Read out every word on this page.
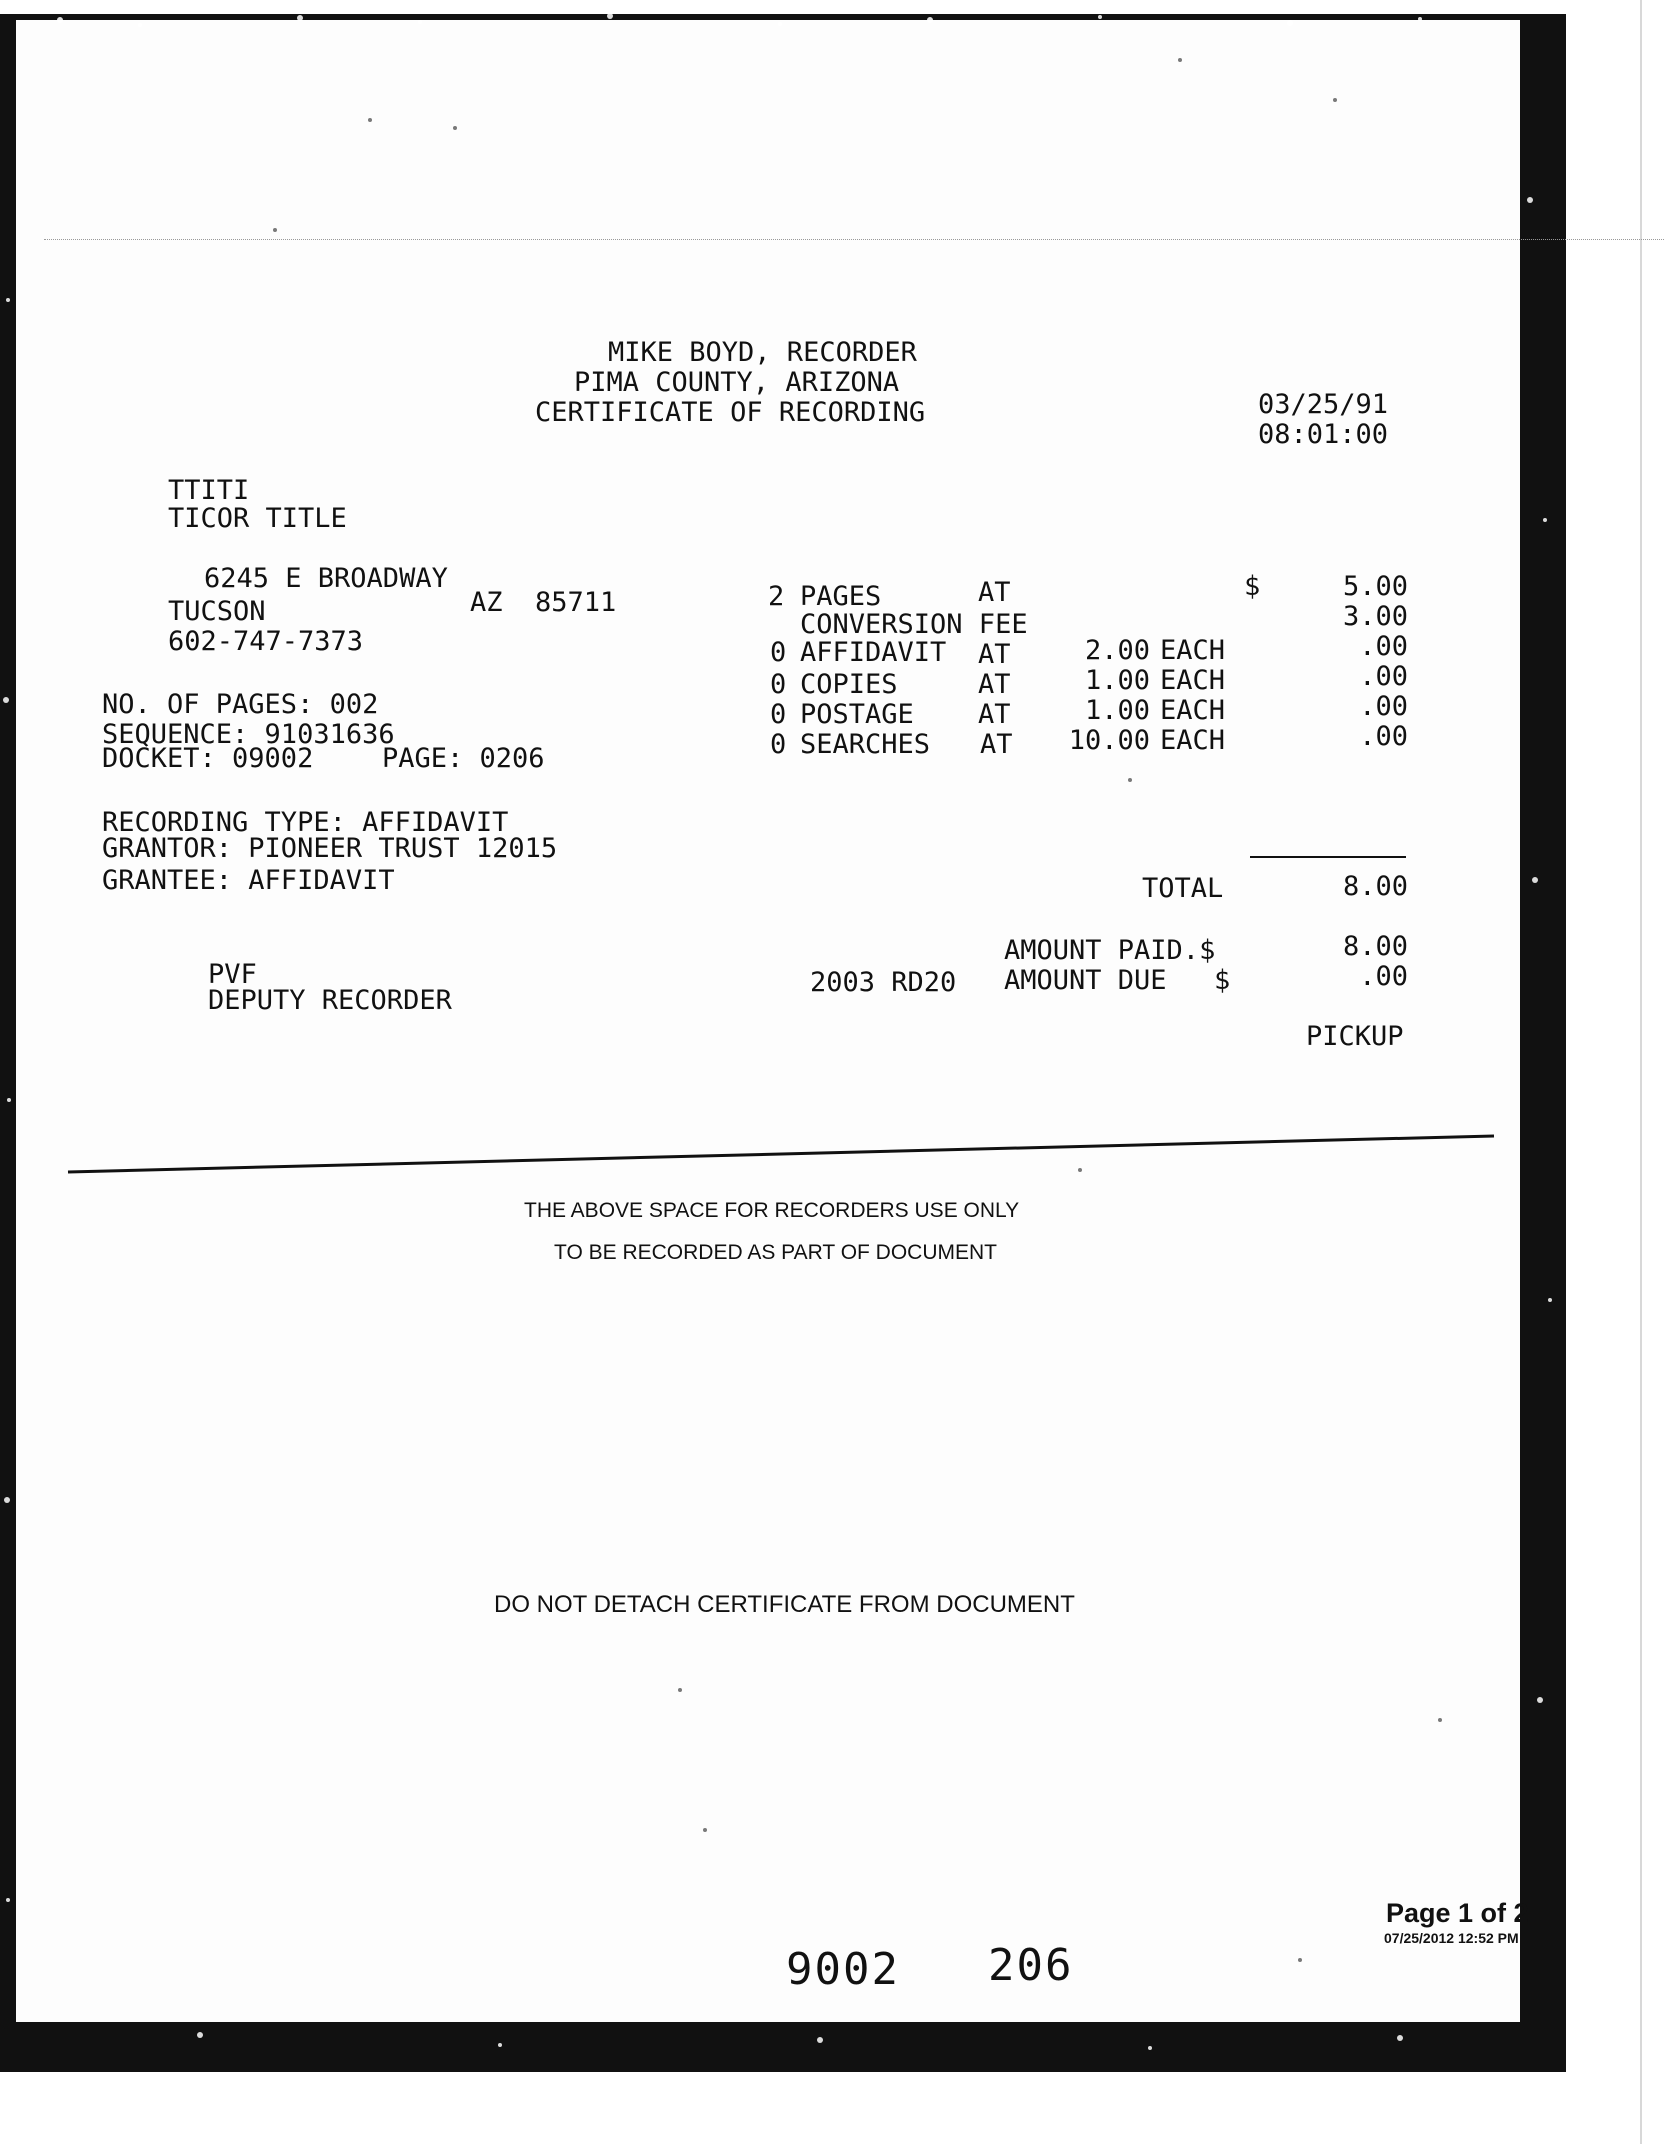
MIKE BOYD, RECORDER
PIMA COUNTY, ARIZONA
CERTIFICATE OF RECORDING	03/25/91
08:01:00
TTITI
TICOR TITLE
6245 E BROADWAY
TUCSON	AZ  85711
602-747-7373
NO. OF PAGES: 002
SEQUENCE: 91031636
DOCKET: 09002	PAGE: 0206
RECORDING TYPE: AFFIDAVIT
GRANTOR: PIONEER TRUST 12015
GRANTEE: AFFIDAVIT
2 PAGES	AT	$	5.00
CONVERSION FEE	3.00
0 AFFIDAVIT AT	2.00 EACH	.00
0 COPIES	AT	1.00 EACH	.00
0 POSTAGE AT	1.00 EACH	.00
0 SEARCHES AT	10.00 EACH	.00
TOTAL	8.00
AMOUNT PAID.$	8.00
2003 RD20 AMOUNT DUE $	.00
PICKUP
PVF
DEPUTY RECORDER
THE ABOVE SPACE FOR RECORDERS USE ONLY
TO BE RECORDED AS PART OF DOCUMENT
DO NOT DETACH CERTIFICATE FROM DOCUMENT
9002 206
Page 1 of 2
07/25/2012 12:52 PM
